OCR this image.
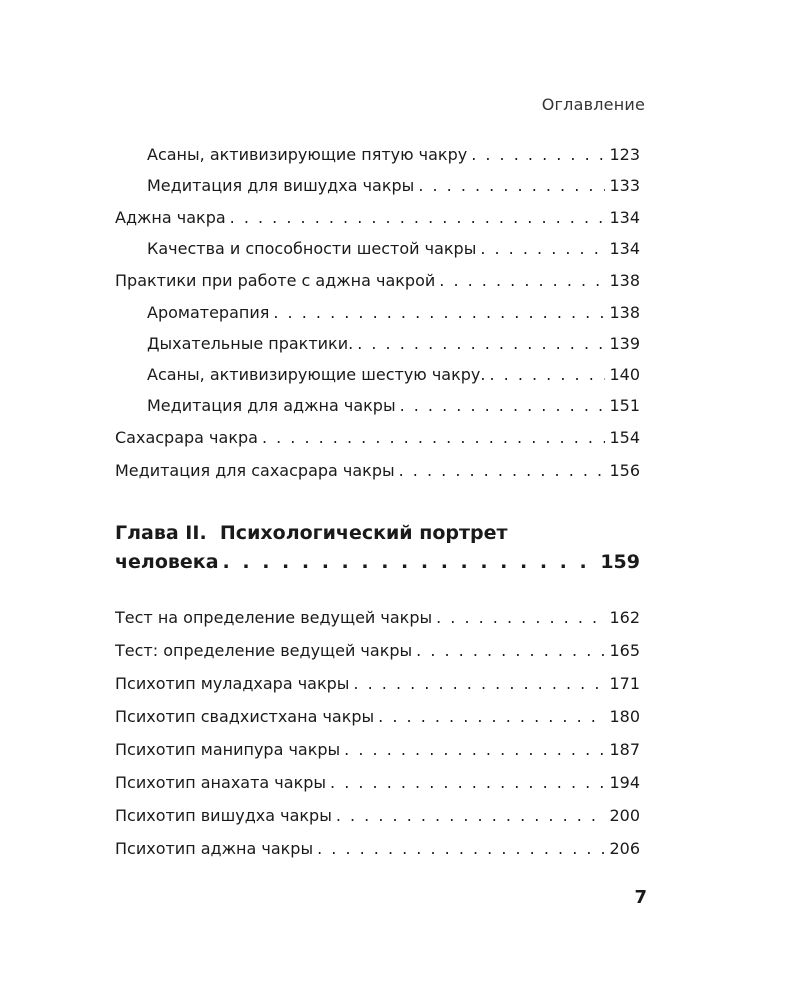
Оглавление
Асаны, активизирующие пятую чакру . . .	123
Медитация для вишудха чакры . . .	133
Аджна чакра . . .	134
Качества и способности шестой чакры . . .	134
Практики при работе с аджна чакрой . . .	138
Ароматерапия . . .	138
Дыхательные практики. . . .	139
Асаны, активизирующие шестую чакру. . . .	140
Медитация для аджна чакры . . .	151
Сахасрара чакра . . .	154
Медитация для сахасрара чакры . . .	156
Глава II. Психологический портрет
человека . . .	159
Тест на определение ведущей чакры . . .	162
Тест: определение ведущей чакры . . .	165
Психотип муладхара чакры . . .	171
Психотип свадхистхана чакры . . .	180
Психотип манипура чакры . . .	187
Психотип анахата чакры . . .	194
Психотип вишудха чакры . . .	200
Психотип аджна чакры . . .	206
7
